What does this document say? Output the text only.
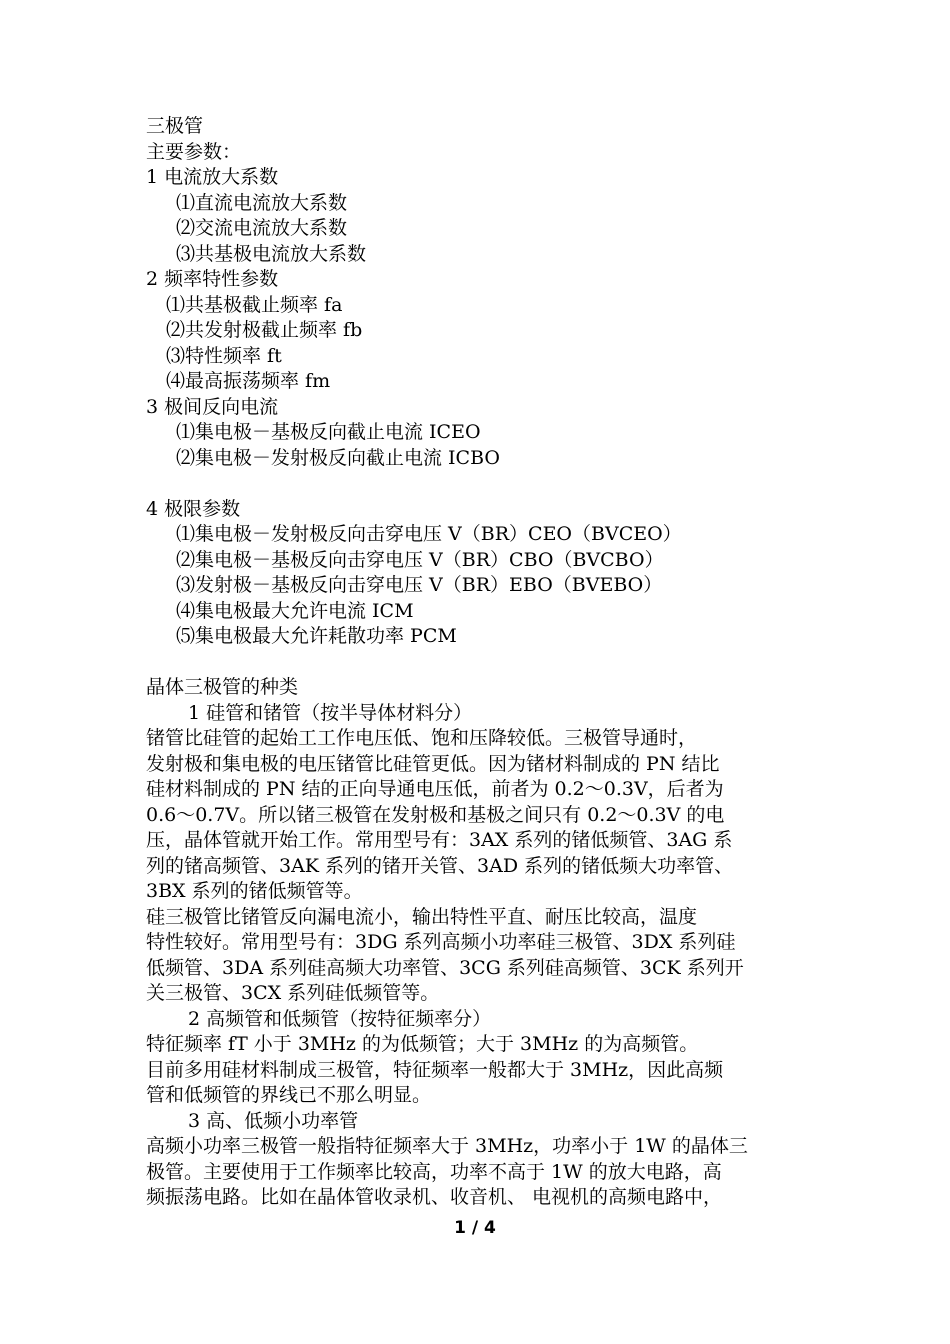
三极管
主要参数：
1 电流放大系数
⑴直流电流放大系数
⑵交流电流放大系数
⑶共基极电流放大系数
2 频率特性参数
⑴共基极截止频率 fa
⑵共发射极截止频率 fb
⑶特性频率 ft
⑷最高振荡频率 fm
3 极间反向电流
⑴集电极－基极反向截止电流 ICEO
⑵集电极－发射极反向截止电流 ICBO
4 极限参数
⑴集电极－发射极反向击穿电压 V（BR）CEO（BVCEO）
⑵集电极－基极反向击穿电压 V（BR）CBO（BVCBO）
⑶发射极－基极反向击穿电压 V（BR）EBO（BVEBO）
⑷集电极最大允许电流 ICM
⑸集电极最大允许耗散功率 PCM
晶体三极管的种类
1 硅管和锗管（按半导体材料分）
锗管比硅管的起始工工作电压低、饱和压降较低。三极管导通时，
发射极和集电极的电压锗管比硅管更低。因为锗材料制成的 PN 结比
硅材料制成的 PN 结的正向导通电压低，前者为 0.2～0.3V，后者为
0.6～0.7V。所以锗三极管在发射极和基极之间只有 0.2～0.3V 的电
压，晶体管就开始工作。常用型号有：3AX 系列的锗低频管、3AG 系
列的锗高频管、3AK 系列的锗开关管、3AD 系列的锗低频大功率管、
3BX 系列的锗低频管等。
硅三极管比锗管反向漏电流小，输出特性平直、耐压比较高，温度
特性较好。常用型号有：3DG 系列高频小功率硅三极管、3DX 系列硅
低频管、3DA 系列硅高频大功率管、3CG 系列硅高频管、3CK 系列开
关三极管、3CX 系列硅低频管等。
2 高频管和低频管（按特征频率分）
特征频率 fT 小于 3MHz 的为低频管；大于 3MHz 的为高频管。
目前多用硅材料制成三极管，特征频率一般都大于 3MHz，因此高频
管和低频管的界线已不那么明显。
3 高、低频小功率管
高频小功率三极管一般指特征频率大于 3MHz，功率小于 1W 的晶体三
极管。主要使用于工作频率比较高，功率不高于 1W 的放大电路，高
频振荡电路。比如在晶体管收录机、收音机、 电视机的高频电路中，
1 / 4
